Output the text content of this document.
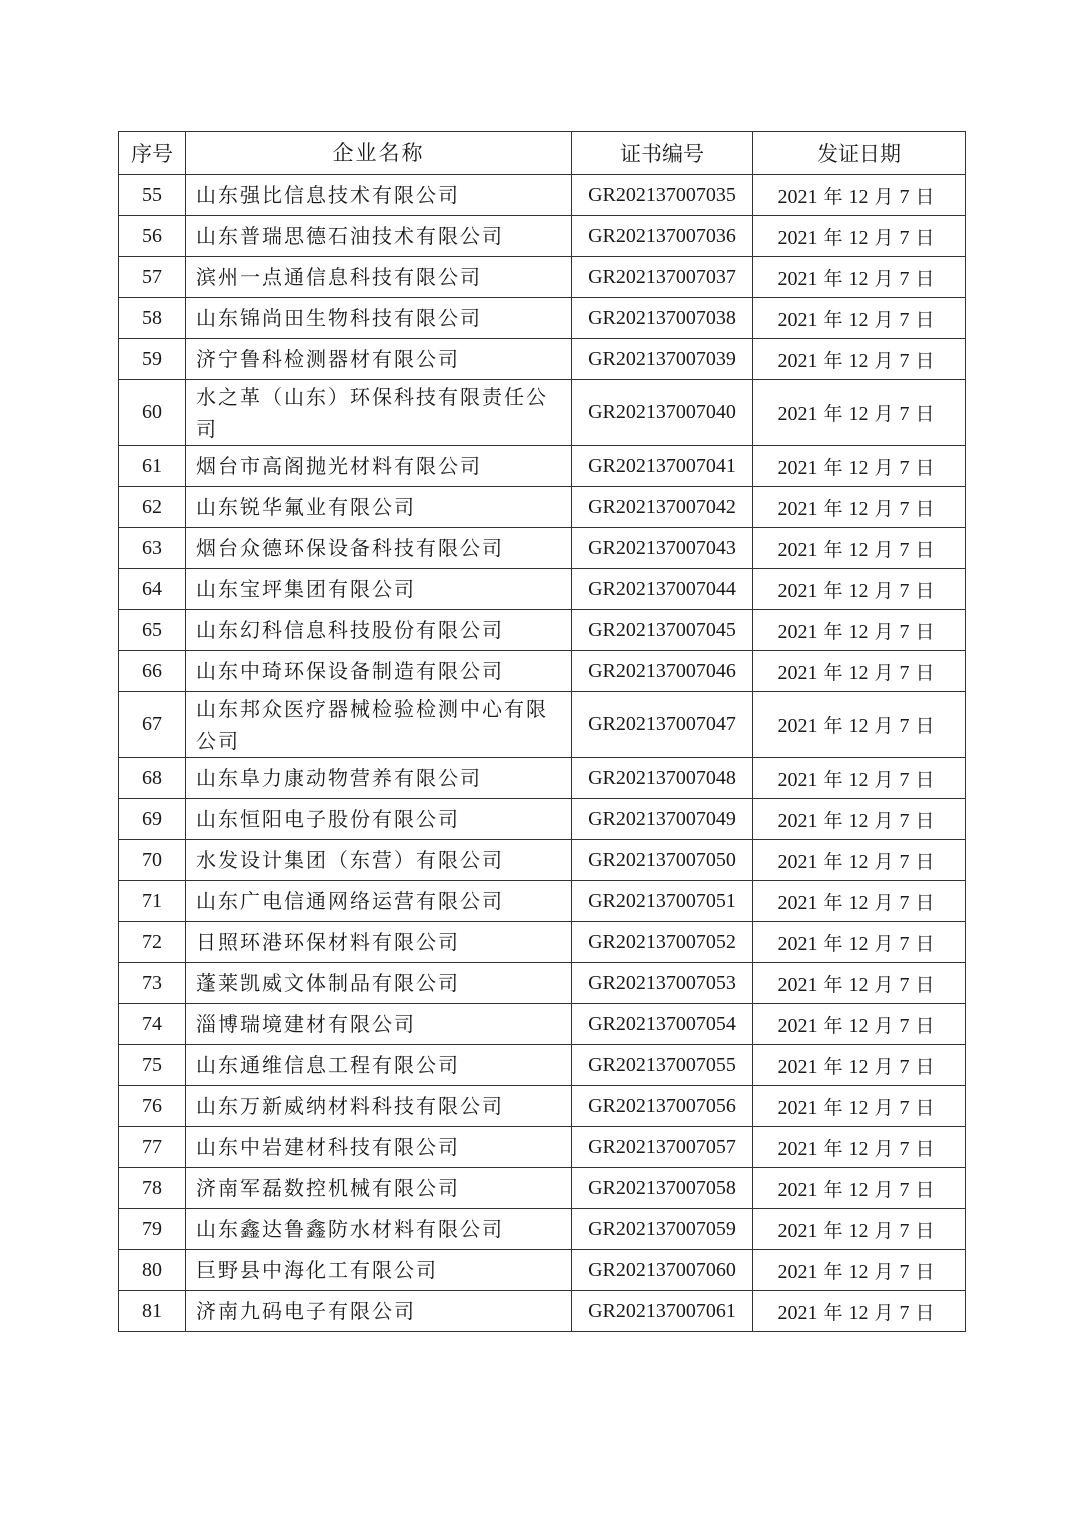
序号	企业名称	证书编号	发证日期
55	山东强比信息技术有限公司	GR202137007035	2021 年 12 月 7 日
56	山东普瑞思德石油技术有限公司	GR202137007036	2021 年 12 月 7 日
57	滨州一点通信息科技有限公司	GR202137007037	2021 年 12 月 7 日
58	山东锦尚田生物科技有限公司	GR202137007038	2021 年 12 月 7 日
59	济宁鲁科检测器材有限公司	GR202137007039	2021 年 12 月 7 日
60	水之革（山东）环保科技有限责任公司	GR202137007040	2021 年 12 月 7 日
61	烟台市高阁抛光材料有限公司	GR202137007041	2021 年 12 月 7 日
62	山东锐华氟业有限公司	GR202137007042	2021 年 12 月 7 日
63	烟台众德环保设备科技有限公司	GR202137007043	2021 年 12 月 7 日
64	山东宝坪集团有限公司	GR202137007044	2021 年 12 月 7 日
65	山东幻科信息科技股份有限公司	GR202137007045	2021 年 12 月 7 日
66	山东中琦环保设备制造有限公司	GR202137007046	2021 年 12 月 7 日
67	山东邦众医疗器械检验检测中心有限公司	GR202137007047	2021 年 12 月 7 日
68	山东阜力康动物营养有限公司	GR202137007048	2021 年 12 月 7 日
69	山东恒阳电子股份有限公司	GR202137007049	2021 年 12 月 7 日
70	水发设计集团（东营）有限公司	GR202137007050	2021 年 12 月 7 日
71	山东广电信通网络运营有限公司	GR202137007051	2021 年 12 月 7 日
72	日照环港环保材料有限公司	GR202137007052	2021 年 12 月 7 日
73	蓬莱凯威文体制品有限公司	GR202137007053	2021 年 12 月 7 日
74	淄博瑞境建材有限公司	GR202137007054	2021 年 12 月 7 日
75	山东通维信息工程有限公司	GR202137007055	2021 年 12 月 7 日
76	山东万新威纳材料科技有限公司	GR202137007056	2021 年 12 月 7 日
77	山东中岩建材科技有限公司	GR202137007057	2021 年 12 月 7 日
78	济南军磊数控机械有限公司	GR202137007058	2021 年 12 月 7 日
79	山东鑫达鲁鑫防水材料有限公司	GR202137007059	2021 年 12 月 7 日
80	巨野县中海化工有限公司	GR202137007060	2021 年 12 月 7 日
81	济南九码电子有限公司	GR202137007061	2021 年 12 月 7 日
